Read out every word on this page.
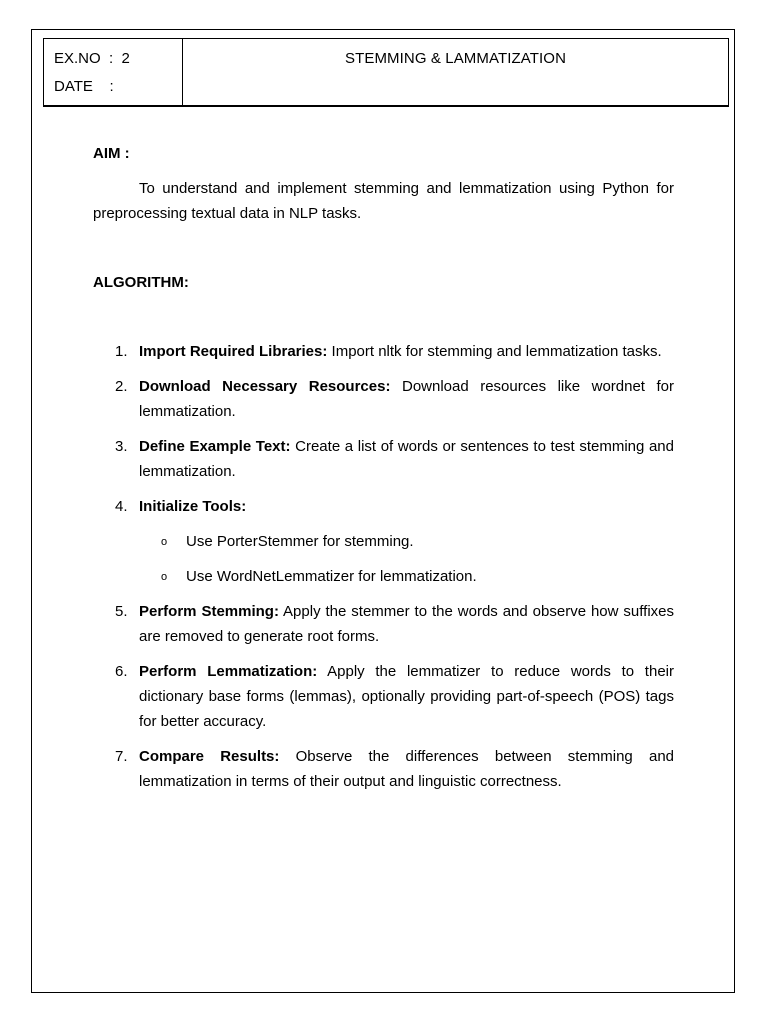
EX.NO  :  2
DATE    :
STEMMING & LAMMATIZATION

AIM :

To understand and implement stemming and lemmatization using Python for preprocessing textual data in NLP tasks.

ALGORITHM:

1. Import Required Libraries: Import nltk for stemming and lemmatization tasks.
2. Download Necessary Resources: Download resources like wordnet for lemmatization.
3. Define Example Text: Create a list of words or sentences to test stemming and lemmatization.
4. Initialize Tools:
o Use PorterStemmer for stemming.
o Use WordNetLemmatizer for lemmatization.
5. Perform Stemming: Apply the stemmer to the words and observe how suffixes are removed to generate root forms.
6. Perform Lemmatization: Apply the lemmatizer to reduce words to their dictionary base forms (lemmas), optionally providing part-of-speech (POS) tags for better accuracy.
7. Compare Results: Observe the differences between stemming and lemmatization in terms of their output and linguistic correctness.
